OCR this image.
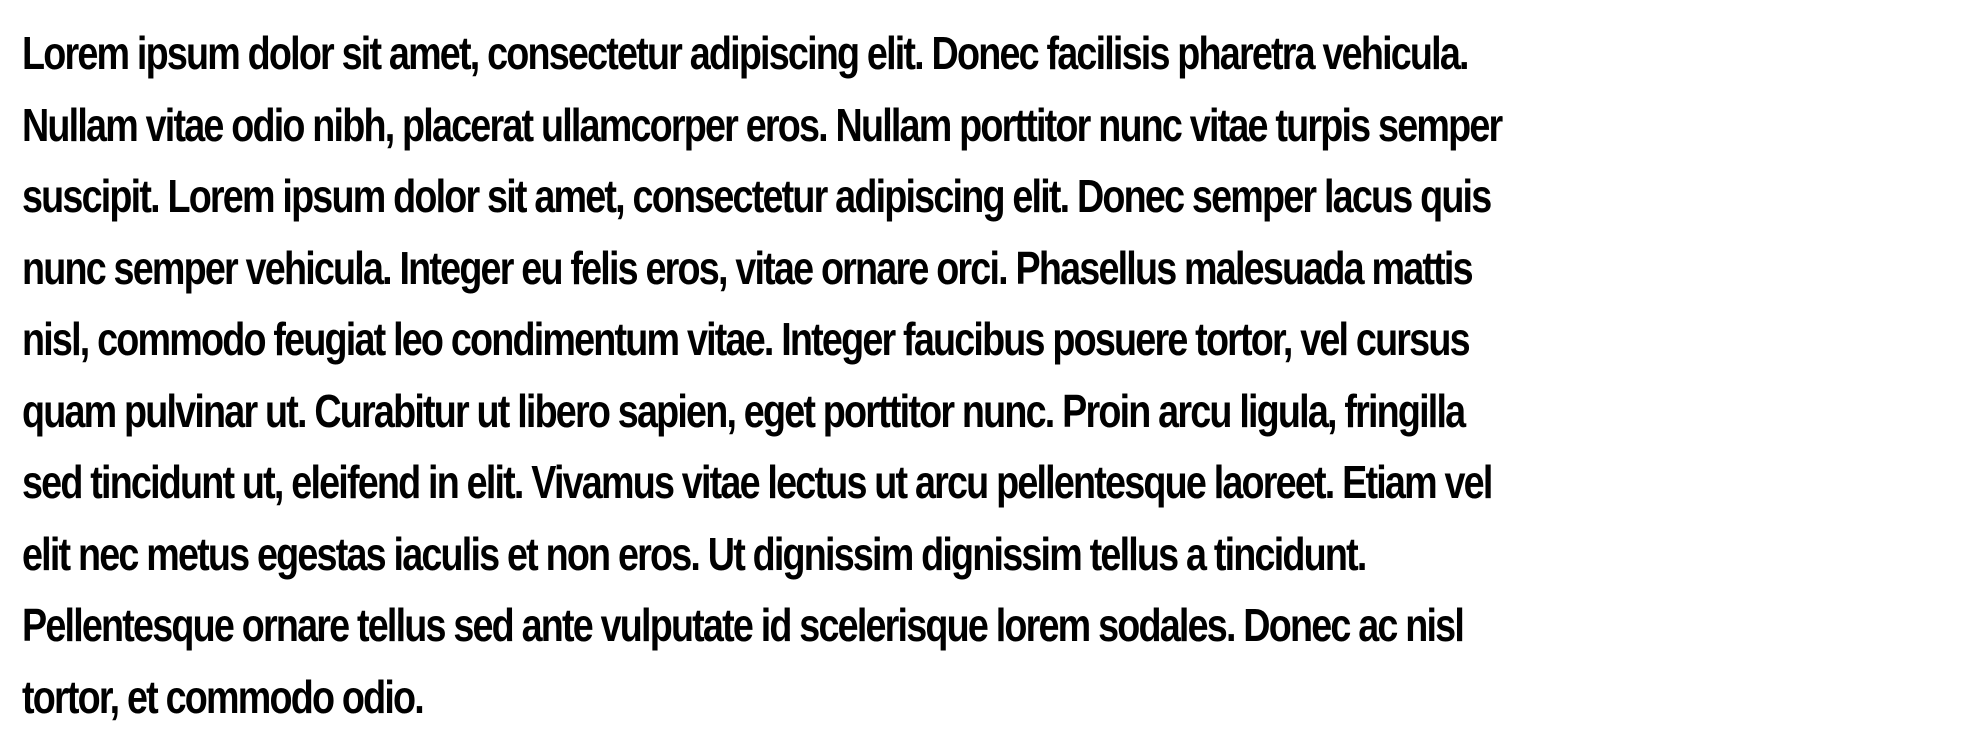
Lorem ipsum dolor sit amet, consectetur adipiscing elit. Donec facilisis pharetra vehicula.
Nullam vitae odio nibh, placerat ullamcorper eros. Nullam porttitor nunc vitae turpis semper
suscipit. Lorem ipsum dolor sit amet, consectetur adipiscing elit. Donec semper lacus quis
nunc semper vehicula. Integer eu felis eros, vitae ornare orci. Phasellus malesuada mattis
nisl, commodo feugiat leo condimentum vitae. Integer faucibus posuere tortor, vel cursus
quam pulvinar ut. Curabitur ut libero sapien, eget porttitor nunc. Proin arcu ligula, fringilla
sed tincidunt ut, eleifend in elit. Vivamus vitae lectus ut arcu pellentesque laoreet. Etiam vel
elit nec metus egestas iaculis et non eros. Ut dignissim dignissim tellus a tincidunt.
Pellentesque ornare tellus sed ante vulputate id scelerisque lorem sodales. Donec ac nisl
tortor, et commodo odio.
